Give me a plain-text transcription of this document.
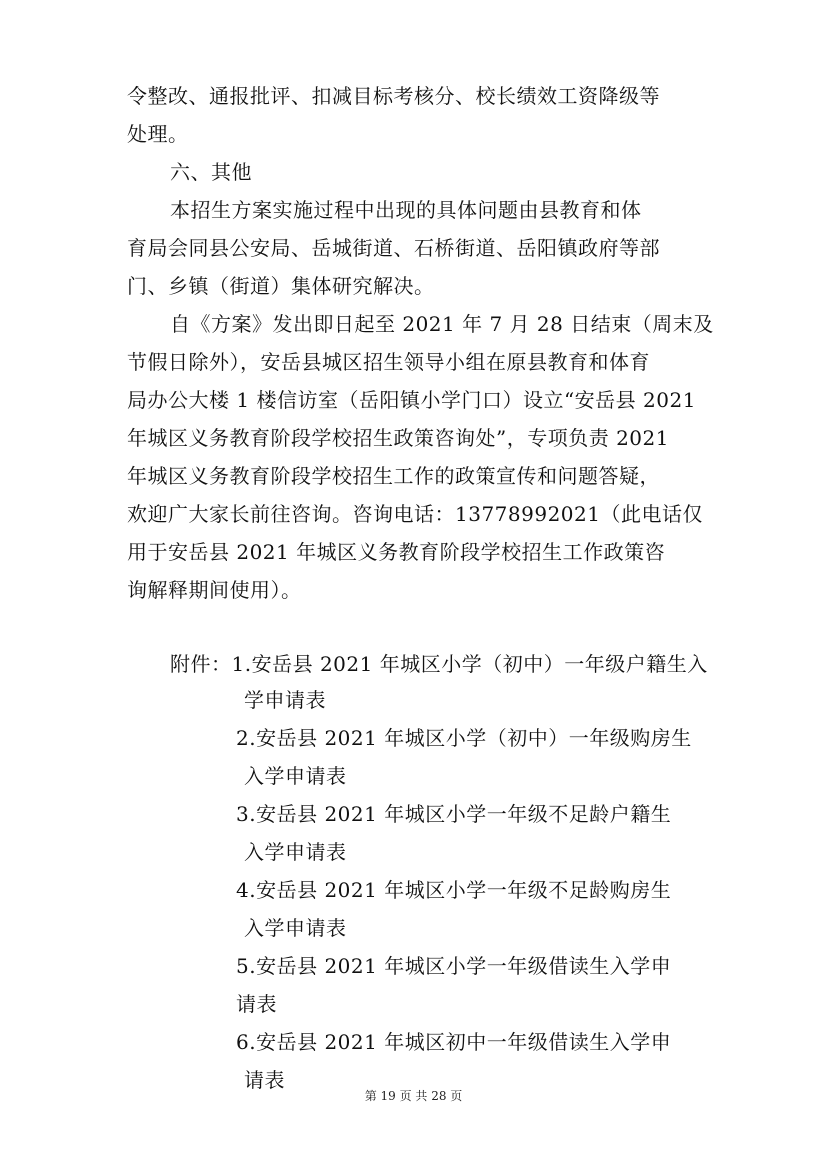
令整改、通报批评、扣减目标考核分、校长绩效工资降级等
处理。
六、其他
本招生方案实施过程中出现的具体问题由县教育和体
育局会同县公安局、岳城街道、石桥街道、岳阳镇政府等部
门、乡镇（街道）集体研究解决。
自《方案》发出即日起至 2021 年 7 月 28 日结束（周末及
节假日除外），安岳县城区招生领导小组在原县教育和体育
局办公大楼 1 楼信访室（岳阳镇小学门口）设立“安岳县 2021
年城区义务教育阶段学校招生政策咨询处”，专项负责 2021
年城区义务教育阶段学校招生工作的政策宣传和问题答疑，
欢迎广大家长前往咨询。咨询电话：13778992021（此电话仅
用于安岳县 2021 年城区义务教育阶段学校招生工作政策咨
询解释期间使用）。
附件：1.安岳县 2021 年城区小学（初中）一年级户籍生入
学申请表
2.安岳县 2021 年城区小学（初中）一年级购房生
入学申请表
3.安岳县 2021 年城区小学一年级不足龄户籍生
入学申请表
4.安岳县 2021 年城区小学一年级不足龄购房生
入学申请表
5.安岳县 2021 年城区小学一年级借读生入学申
请表
6.安岳县 2021 年城区初中一年级借读生入学申
请表
第 19 页 共 28 页
